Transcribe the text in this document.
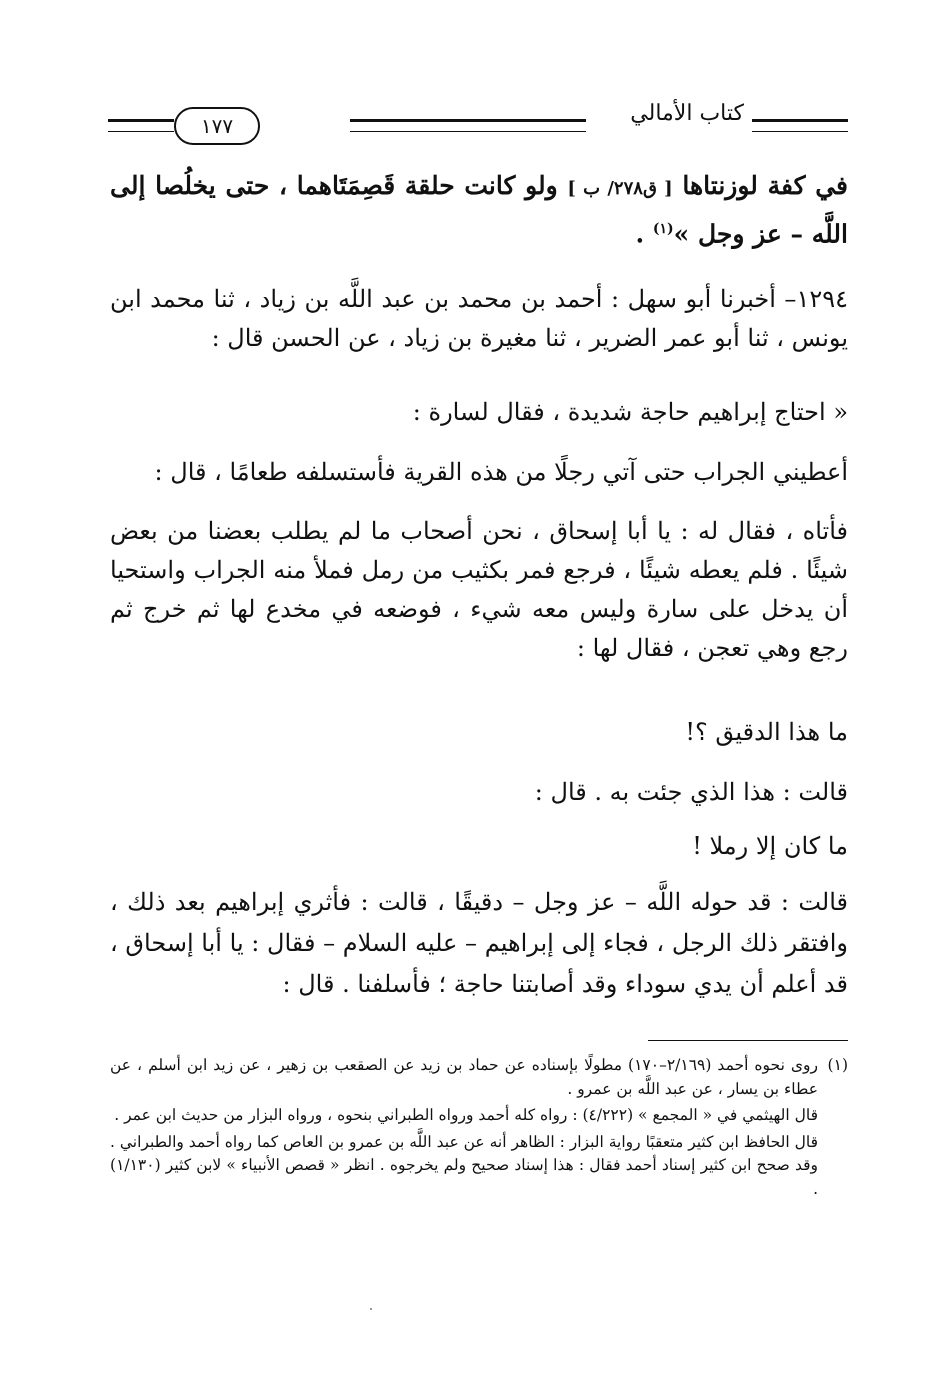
كتاب الأمالي
١٧٧
في كفة لوزنتاها [ ق٢٧٨/ ب ] ولو كانت حلقة قَصِمَتَاهما ، حتى يخلُصا إلى اللَّه – عز وجل »$^{(١)}$ .
١٢٩٤– أخبرنا أبو سهل : أحمد بن محمد بن عبد اللَّه بن زياد ، ثنا محمد ابن يونس ، ثنا أبو عمر الضرير ، ثنا مغيرة بن زياد ، عن الحسن قال :
« احتاج إبراهيم حاجة شديدة ، فقال لسارة :
أعطيني الجراب حتى آتي رجلًا من هذه القرية فأستسلفه طعامًا ، قال :
فأتاه ، فقال له : يا أبا إسحاق ، نحن أصحاب ما لم يطلب بعضنا من بعض شيئًا . فلم يعطه شيئًا ، فرجع فمر بكثيب من رمل فملأ منه الجراب واستحيا أن يدخل على سارة وليس معه شيء ، فوضعه في مخدع لها ثم خرج ثم رجع وهي تعجن ، فقال لها :
ما هذا الدقيق ؟!
قالت : هذا الذي جئت به . قال :
ما كان إلا رملا !
قالت : قد حوله اللَّه – عز وجل – دقيقًا ، قالت : فأثري إبراهيم بعد ذلك ، وافتقر ذلك الرجل ، فجاء إلى إبراهيم – عليه السلام – فقال : يا أبا إسحاق ، قد أعلم أن يدي سوداء وقد أصابتنا حاجة ؛ فأسلفنا . قال :
(١)
روى نحوه أحمد (٢/١٦٩–١٧٠) مطولًا بإسناده عن حماد بن زيد عن الصقعب بن زهير ، عن زيد ابن أسلم ، عن عطاء بن يسار ، عن عبد اللَّه بن عمرو .
قال الهيثمي في « المجمع » (٤/٢٢٢) : رواه كله أحمد ورواه الطبراني بنحوه ، ورواه البزار من حديث ابن عمر .
قال الحافظ ابن كثير متعقبًا رواية البزار : الظاهر أنه عن عبد اللَّه بن عمرو بن العاص كما رواه أحمد والطبراني . وقد صحح ابن كثير إسناد أحمد فقال : هذا إسناد صحيح ولم يخرجوه . انظر « قصص الأنبياء » لابن كثير (١/١٣٠) .
